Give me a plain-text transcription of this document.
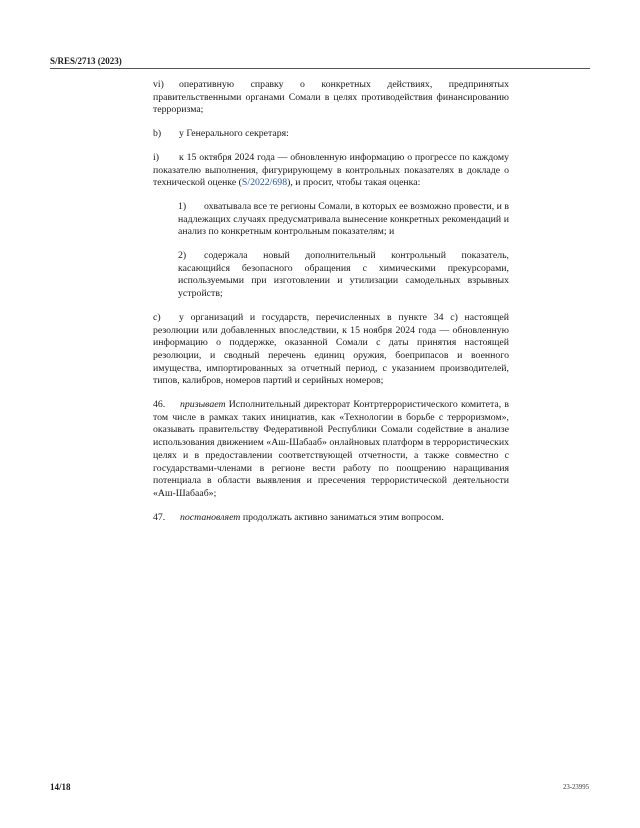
S/RES/2713 (2023)

vi) оперативную справку о конкретных действиях, предпринятых правительственными органами Сомали в целях противодействия финансированию терроризма;

b) у Генерального секретаря:

i) к 15 октября 2024 года — обновленную информацию о прогрессе по каждому показателю выполнения, фигурирующему в контрольных показателях в докладе о технической оценке (S/2022/698), и просит, чтобы такая оценка:

1) охватывала все те регионы Сомали, в которых ее возможно провести, и в надлежащих случаях предусматривала вынесение конкретных рекомендаций и анализ по конкретным контрольным показателям; и

2) содержала новый дополнительный контрольный показатель, касающийся безопасного обращения с химическими прекурсорами, используемыми при изготовлении и утилизации самодельных взрывных устройств;

c) у организаций и государств, перечисленных в пункте 34 c) настоящей резолюции или добавленных впоследствии, к 15 ноября 2024 года — обновленную информацию о поддержке, оказанной Сомали с даты принятия настоящей резолюции, и сводный перечень единиц оружия, боеприпасов и военного имущества, импортированных за отчетный период, с указанием производителей, типов, калибров, номеров партий и серийных номеров;

46. призывает Исполнительный директорат Контртеррористического комитета, в том числе в рамках таких инициатив, как «Технологии в борьбе с терроризмом», оказывать правительству Федеративной Республики Сомали содействие в анализе использования движением «Аш-Шабааб» онлайновых платформ в террористических целях и в предоставлении соответствующей отчетности, а также совместно с государствами-членами в регионе вести работу по поощрению наращивания потенциала в области выявления и пресечения террористической деятельности «Аш-Шабааб»;

47. постановляет продолжать активно заниматься этим вопросом.

14/18	23-23995
